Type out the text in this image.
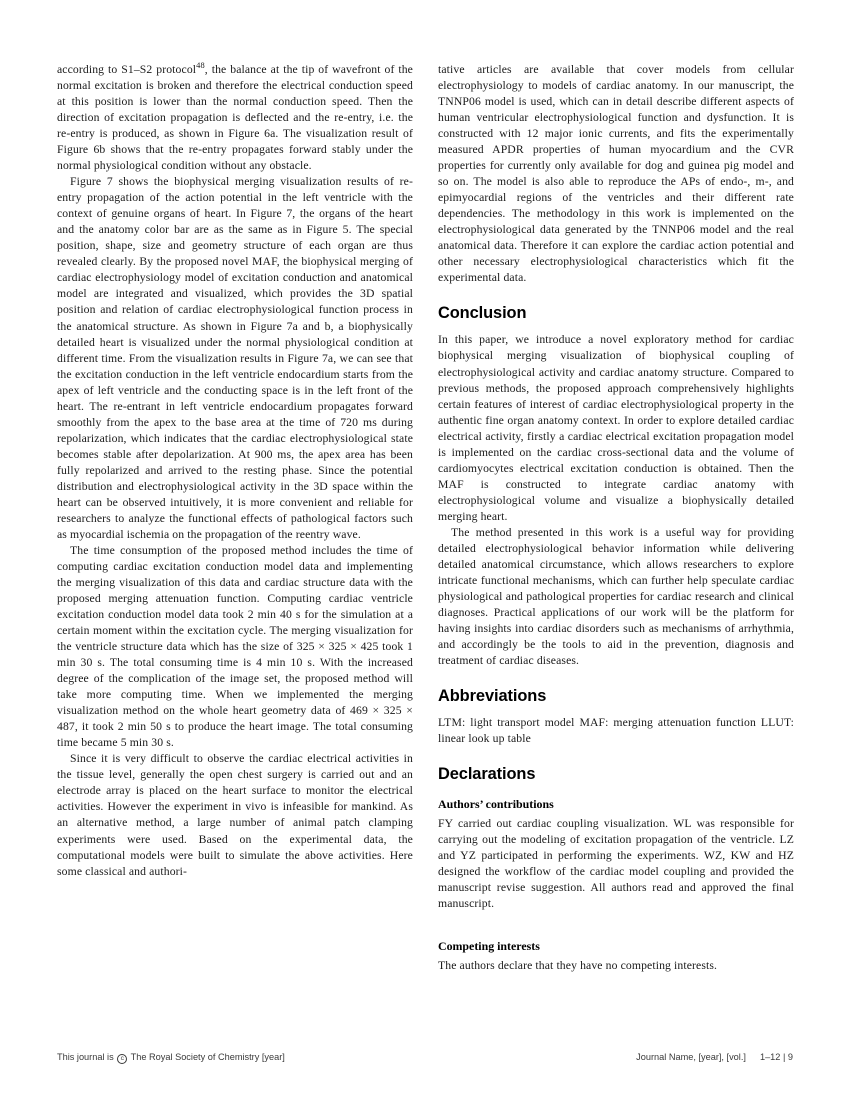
according to S1–S2 protocol$^{48}$, the balance at the tip of wavefront of the normal excitation is broken and therefore the electrical conduction speed at this position is lower than the normal conduction speed. Then the direction of excitation propagation is deflected and the re-entry, i.e. the re-entry is produced, as shown in Figure 6a. The visualization result of Figure 6b shows that the re-entry propagates forward stably under the normal physiological condition without any obstacle.

Figure 7 shows the biophysical merging visualization results of re-entry propagation of the action potential in the left ventricle with the context of genuine organs of heart. In Figure 7, the organs of the heart and the anatomy color bar are as the same as in Figure 5. The special position, shape, size and geometry structure of each organ are thus revealed clearly. By the proposed novel MAF, the biophysical merging of cardiac electrophysiology model of excitation conduction and anatomical model are integrated and visualized, which provides the 3D spatial position and relation of cardiac electrophysiological function process in the anatomical structure. As shown in Figure 7a and b, a biophysically detailed heart is visualized under the normal physiological condition at different time. From the visualization results in Figure 7a, we can see that the excitation conduction in the left ventricle endocardium starts from the apex of left ventricle and the conducting space is in the left front of the heart. The re-entrant in left ventricle endocardium propagates forward smoothly from the apex to the base area at the time of 720 ms during repolarization, which indicates that the cardiac electrophysiological state becomes stable after depolarization. At 900 ms, the apex area has been fully repolarized and arrived to the resting phase. Since the potential distribution and electrophysiological activity in the 3D space within the heart can be observed intuitively, it is more convenient and reliable for researchers to analyze the functional effects of pathological factors such as myocardial ischemia on the propagation of the reentry wave.

The time consumption of the proposed method includes the time of computing cardiac excitation conduction model data and implementing the merging visualization of this data and cardiac structure data with the proposed merging attenuation function. Computing cardiac ventricle excitation conduction model data took 2 min 40 s for the simulation at a certain moment within the excitation cycle. The merging visualization for the ventricle structure data which has the size of 325 × 325 × 425 took 1 min 30 s. The total consuming time is 4 min 10 s. With the increased degree of the complication of the image set, the proposed method will take more computing time. When we implemented the merging visualization method on the whole heart geometry data of 469 × 325 × 487, it took 2 min 50 s to produce the heart image. The total consuming time became 5 min 30 s.

Since it is very difficult to observe the cardiac electrical activities in the tissue level, generally the open chest surgery is carried out and an electrode array is placed on the heart surface to monitor the electrical activities. However the experiment in vivo is infeasible for mankind. As an alternative method, a large number of animal patch clamping experiments were used. Based on the experimental data, the computational models were built to simulate the above activities. Here some classical and authori-

tative articles are available that cover models from cellular electrophysiology to models of cardiac anatomy. In our manuscript, the TNNP06 model is used, which can in detail describe different aspects of human ventricular electrophysiological function and dysfunction. It is constructed with 12 major ionic currents, and fits the experimentally measured APDR properties of human myocardium and the CVR properties for currently only available for dog and guinea pig model and so on. The model is also able to reproduce the APs of endo-, m-, and epimyocardial regions of the ventricles and their different rate dependencies. The methodology in this work is implemented on the electrophysiological data generated by the TNNP06 model and the real anatomical data. Therefore it can explore the cardiac action potential and other necessary electrophysiological characteristics which fit the experimental data.

Conclusion

In this paper, we introduce a novel exploratory method for cardiac biophysical merging visualization of biophysical coupling of electrophysiological activity and cardiac anatomy structure. Compared to previous methods, the proposed approach comprehensively highlights certain features of interest of cardiac electrophysiological property in the authentic fine organ anatomy context. In order to explore detailed cardiac electrical activity, firstly a cardiac electrical excitation propagation model is implemented on the cardiac cross-sectional data and the volume of cardiomyocytes electrical excitation conduction is obtained. Then the MAF is constructed to integrate cardiac anatomy with electrophysiological volume and visualize a biophysically detailed merging heart.

The method presented in this work is a useful way for providing detailed electrophysiological behavior information while delivering detailed anatomical circumstance, which allows researchers to explore intricate functional mechanisms, which can further help speculate cardiac physiological and pathological properties for cardiac research and clinical diagnoses. Practical applications of our work will be the platform for having insights into cardiac disorders such as mechanisms of arrhythmia, and accordingly be the tools to aid in the prevention, diagnosis and treatment of cardiac diseases.

Abbreviations

LTM: light transport model MAF: merging attenuation function LLUT: linear look up table

Declarations
Authors’ contributions

FY carried out cardiac coupling visualization. WL was responsible for carrying out the modeling of excitation propagation of the ventricle. LZ and YZ participated in performing the experiments. WZ, KW and HZ designed the workflow of the cardiac model coupling and provided the manuscript revise suggestion. All authors read and approved the final manuscript.

Competing interests

The authors declare that they have no competing interests.

This journal is c The Royal Society of Chemistry [year]	Journal Name, [year], [vol.] 1–12 | 9
